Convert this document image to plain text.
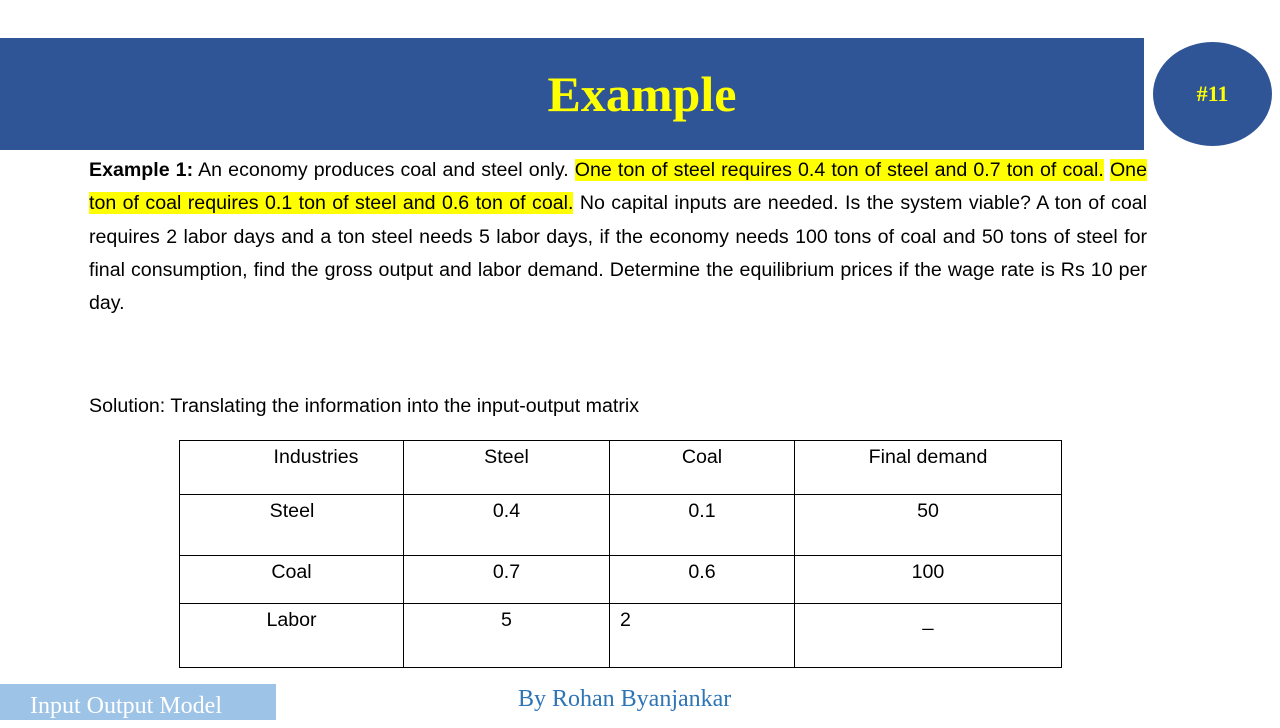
Example	#11

Example 1: An economy produces coal and steel only. One ton of steel requires 0.4 ton of steel and 0.7 ton of coal. One ton of coal requires 0.1 ton of steel and 0.6 ton of coal. No capital inputs are needed. Is the system viable? A ton of coal requires 2 labor days and a ton steel needs 5 labor days, if the economy needs 100 tons of coal and 50 tons of steel for final consumption, find the gross output and labor demand. Determine the equilibrium prices if the wage rate is Rs 10 per day.

Solution: Translating the information into the input-output matrix
Industries	Steel	Coal	Final demand
Steel	0.4	0.1	50
Coal	0.7	0.6	100
Labor	5	2	_
Input Output Model	By Rohan Byanjankar
